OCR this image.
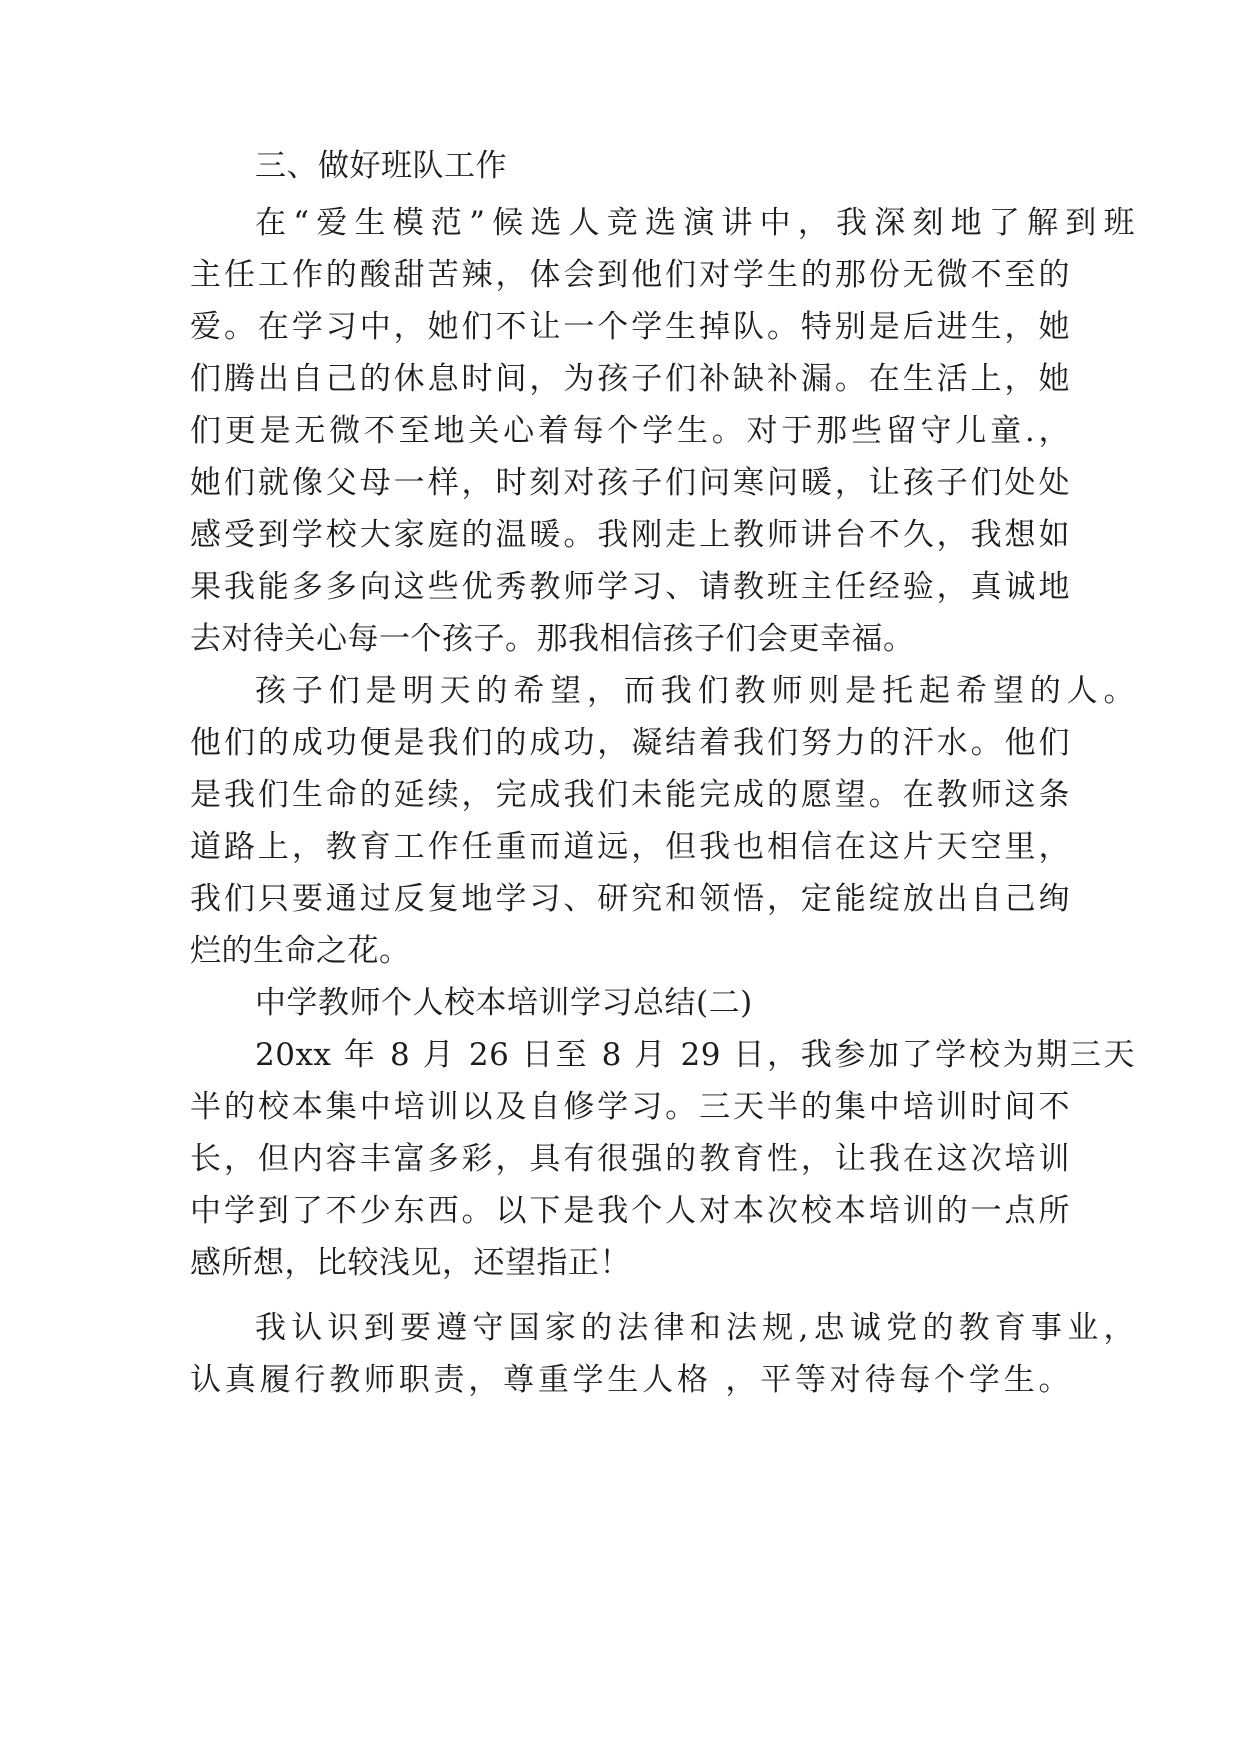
三、做好班队工作

在“爱生模范”候选人竞选演讲中，我深刻地了解到班

主任工作的酸甜苦辣，体会到他们对学生的那份无微不至的

爱。在学习中，她们不让一个学生掉队。特别是后进生，她

们腾出自己的休息时间，为孩子们补缺补漏。在生活上，她

们更是无微不至地关心着每个学生。对于那些留守儿童.，

她们就像父母一样，时刻对孩子们问寒问暖，让孩子们处处

感受到学校大家庭的温暖。我刚走上教师讲台不久，我想如

果我能多多向这些优秀教师学习、请教班主任经验，真诚地

去对待关心每一个孩子。那我相信孩子们会更幸福。

孩子们是明天的希望，而我们教师则是托起希望的人。

他们的成功便是我们的成功，凝结着我们努力的汗水。他们

是我们生命的延续，完成我们未能完成的愿望。在教师这条

道路上，教育工作任重而道远，但我也相信在这片天空里，

我们只要通过反复地学习、研究和领悟，定能绽放出自己绚

烂的生命之花。

中学教师个人校本培训学习总结(二)

20xx 年 8 月 26 日至 8 月 29 日，我参加了学校为期三天

半的校本集中培训以及自修学习。三天半的集中培训时间不

长，但内容丰富多彩，具有很强的教育性，让我在这次培训

中学到了不少东西。以下是我个人对本次校本培训的一点所

感所想，比较浅见，还望指正！

我认识到要遵守国家的法律和法规,忠诚党的教育事业，

认真履行教师职责，尊重学生人格 ，平等对待每个学生。
